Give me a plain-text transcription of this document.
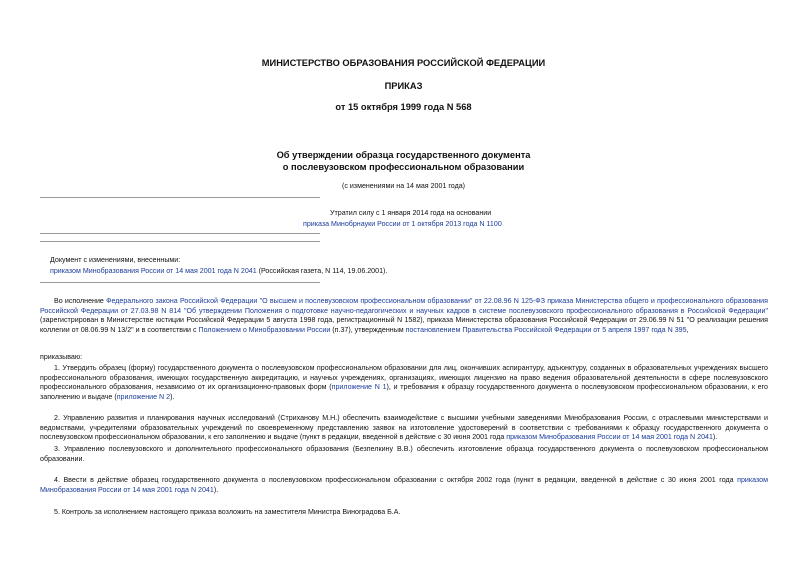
МИНИСТЕРСТВО ОБРАЗОВАНИЯ РОССИЙСКОЙ ФЕДЕРАЦИИ
ПРИКАЗ
от 15 октября 1999 года N 568
Об утверждении образца государственного документа
о послевузовском профессиональном образовании
(с изменениями на 14 мая 2001 года)
Утратил силу с 1 января 2014 года на основании
приказа Минобрнауки России от 1 октября 2013 года N 1100
Документ с изменениями, внесенными:
приказом Минобразования России от 14 мая 2001 года N 2041 (Российская газета, N 114, 19.06.2001).
Во исполнение Федерального закона Российской Федерации "О высшем и послевузовском профессиональном образовании" от 22.08.96 N 125-ФЗ приказа Министерства общего и профессионального образования Российской Федерации от 27.03.98 N 814 "Об утверждении Положения о подготовке научно-педагогических и научных кадров в системе послевузовского профессионального образования в Российской Федерации" (зарегистрирован в Министерстве юстиции Российской Федерации 5 августа 1998 года, регистрационный N 1582), приказа Министерства образования Российской Федерации от 29.06.99 N 51 "О реализации решения коллегии от 08.06.99 N 13/2" и в соответствии с Положением о Минобразовании России (п.37), утвержденным постановлением Правительства Российской Федерации от 5 апреля 1997 года N 395,
приказываю:
1. Утвердить образец (форму) государственного документа о послевузовском профессиональном образовании для лиц, окончивших аспирантуру, адъюнктуру, созданных в образовательных учреждениях высшего профессионального образования, имеющих государственную аккредитацию, и научных учреждениях, организациях, имеющих лицензию на право ведения образовательной деятельности в сфере послевузовского профессионального образования, независимо от их организационно-правовых форм (приложение N 1), и требования к образцу государственного документа о послевузовском профессиональном образовании, к его заполнению и выдаче (приложение N 2).
2. Управлению развития и планирования научных исследований (Стриханову М.Н.) обеспечить взаимодействие с высшими учебными заведениями Минобразования России, с отраслевыми министерствами и ведомствами, учредителями образовательных учреждений по своевременному представлению заявок на изготовление удостоверений в соответствии с требованиями к образцу государственного документа о послевузовском профессиональном образовании, к его заполнению и выдаче (пункт в редакции, введенной в действие с 30 июня 2001 года приказом Минобразования России от 14 мая 2001 года N 2041).
3. Управлению послевузовского и дополнительного профессионального образования (Безпелкину В.В.) обеспечить изготовление образца государственного документа о послевузовском профессиональном образовании.
4. Ввести в действие образец государственного документа о послевузовском профессиональном образовании с октября 2002 года (пункт в редакции, введенной в действие с 30 июня 2001 года приказом Минобразования России от 14 мая 2001 года N 2041).
5. Контроль за исполнением настоящего приказа возложить на заместителя Министра Виноградова Б.А.
